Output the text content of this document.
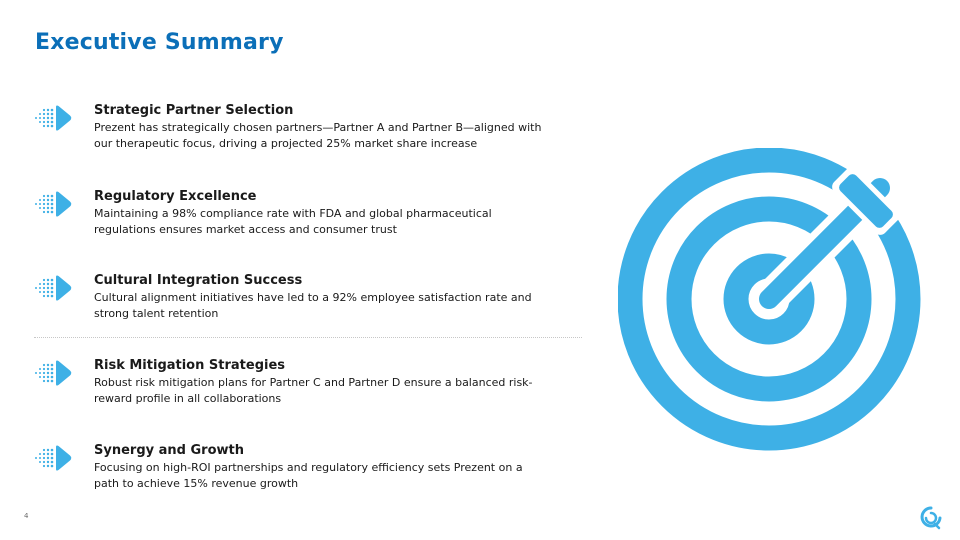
Executive Summary
Strategic Partner Selection
Prezent has strategically chosen partners—Partner A and Partner B—aligned with our therapeutic focus, driving a projected 25% market share increase
Regulatory Excellence
Maintaining a 98% compliance rate with FDA and global pharmaceutical regulations ensures market access and consumer trust
Cultural Integration Success
Cultural alignment initiatives have led to a 92% employee satisfaction rate and strong talent retention
Risk Mitigation Strategies
Robust risk mitigation plans for Partner C and Partner D ensure a balanced risk-reward profile in all collaborations
Synergy and Growth
Focusing on high-ROI partnerships and regulatory efficiency sets Prezent on a path to achieve 15% revenue growth
4
